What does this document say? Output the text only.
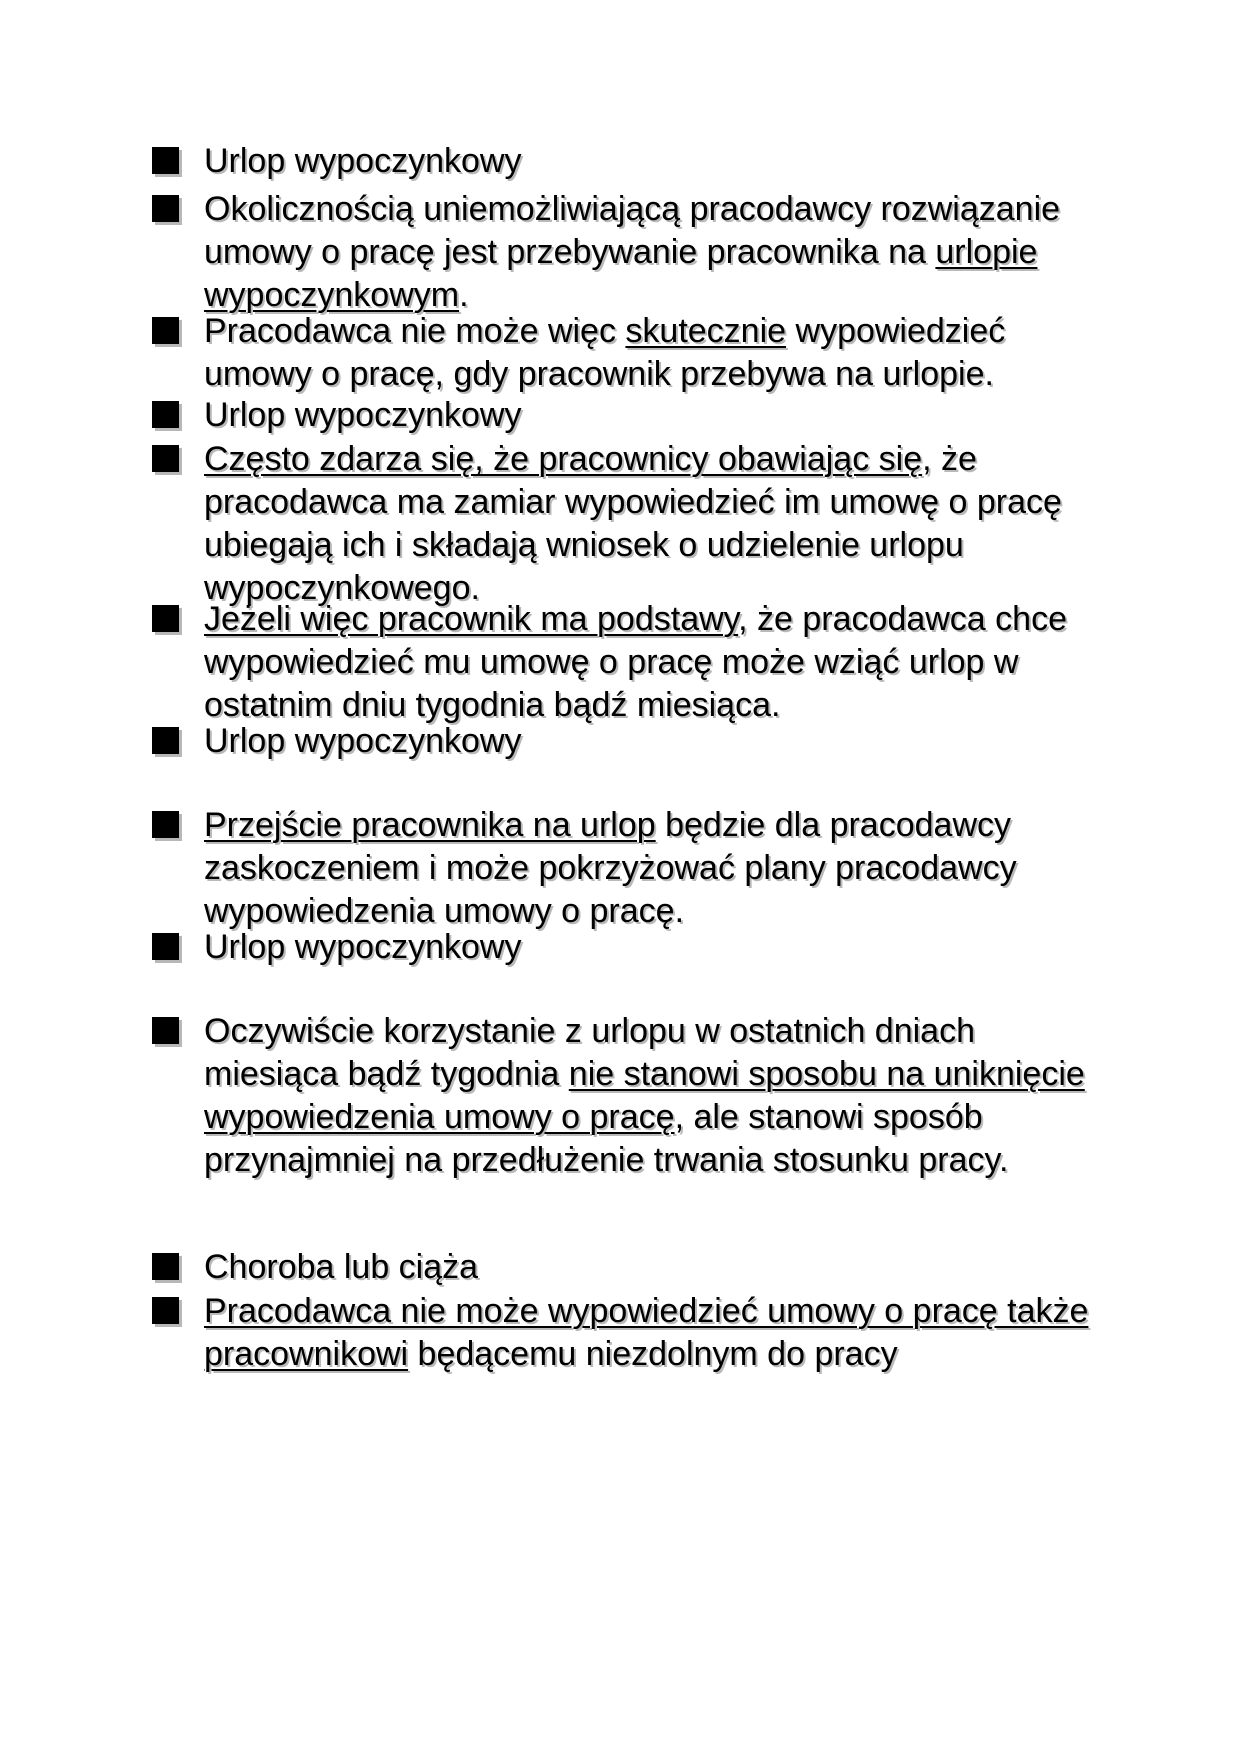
Urlop wypoczynkowy
Okolicznością uniemożliwiającą pracodawcy rozwiązanie umowy o pracę jest przebywanie pracownika na urlopie wypoczynkowym.
Pracodawca nie może więc skutecznie wypowiedzieć umowy o pracę, gdy pracownik przebywa na urlopie.
Urlop wypoczynkowy
Często zdarza się, że pracownicy obawiając się, że pracodawca ma zamiar wypowiedzieć im umowę o pracę ubiegają ich i składają wniosek o udzielenie urlopu wypoczynkowego.
Jeżeli więc pracownik ma podstawy, że pracodawca chce wypowiedzieć mu umowę o pracę może wziąć urlop w ostatnim dniu tygodnia bądź miesiąca.
Urlop wypoczynkowy
Przejście pracownika na urlop będzie dla pracodawcy zaskoczeniem i może pokrzyżować plany pracodawcy wypowiedzenia umowy o pracę.
Urlop wypoczynkowy
Oczywiście korzystanie z urlopu w ostatnich dniach miesiąca bądź tygodnia nie stanowi sposobu na uniknięcie wypowiedzenia umowy o pracę, ale stanowi sposób przynajmniej na przedłużenie trwania stosunku pracy.
Choroba lub ciąża
Pracodawca nie może wypowiedzieć umowy o pracę także pracownikowi będącemu niezdolnym do pracy
